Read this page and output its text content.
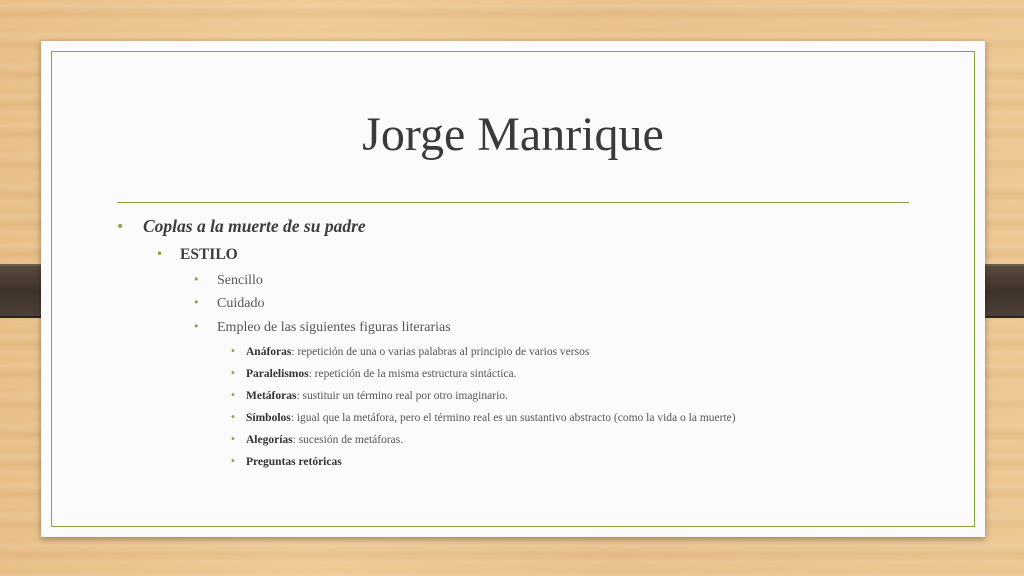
Jorge Manrique
• Coplas a la muerte de su padre
• ESTILO
• Sencillo
• Cuidado
• Empleo de las siguientes figuras literarias
• Anáforas: repetición de una o varias palabras al principio de varios versos
• Paralelismos: repetición de la misma estructura sintáctica.
• Metáforas: sustituir un término real por otro imaginario.
• Símbolos: igual que la metáfora, pero el término real es un sustantivo abstracto (como la vida o la muerte)
• Alegorías: sucesión de metáforas.
• Preguntas retóricas
